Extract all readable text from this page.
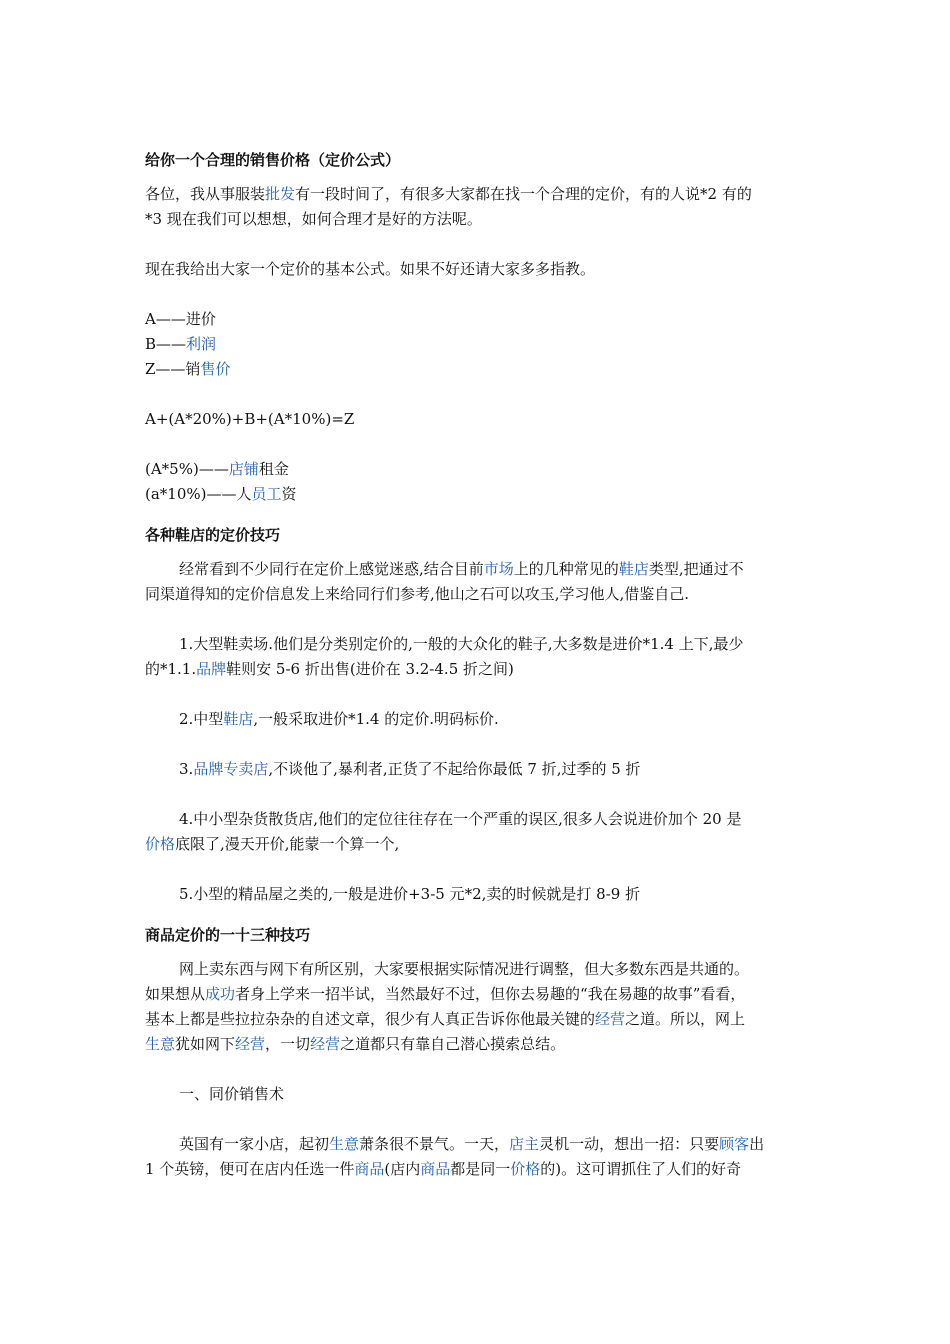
给你一个合理的销售价格（定价公式）
各位，我从事服装批发有一段时间了，有很多大家都在找一个合理的定价，有的人说*2 有的
*3 现在我们可以想想，如何合理才是好的方法呢。
现在我给出大家一个定价的基本公式。如果不好还请大家多多指教。
A——进价
B——利润
Z——销售价
A+(A*20%)+B+(A*10%)=Z
(A*5%)——店铺租金
(a*10%)——人员工资
各种鞋店的定价技巧
经常看到不少同行在定价上感觉迷惑,结合目前市场上的几种常见的鞋店类型,把通过不
同渠道得知的定价信息发上来给同行们参考,他山之石可以攻玉,学习他人,借鉴自己.
1.大型鞋卖场.他们是分类别定价的,一般的大众化的鞋子,大多数是进价*1.4 上下,最少
的*1.1.品牌鞋则安 5-6 折出售(进价在 3.2-4.5 折之间)
2.中型鞋店,一般采取进价*1.4 的定价.明码标价.
3.品牌专卖店,不谈他了,暴利者,正货了不起给你最低 7 折,过季的 5 折
4.中小型杂货散货店,他们的定位往往存在一个严重的误区,很多人会说进价加个 20 是
价格底限了,漫天开价,能蒙一个算一个,
5.小型的精品屋之类的,一般是进价+3-5 元*2,卖的时候就是打 8-9 折
商品定价的一十三种技巧
网上卖东西与网下有所区别，大家要根据实际情况进行调整，但大多数东西是共通的。
如果想从成功者身上学来一招半试，当然最好不过，但你去易趣的“我在易趣的故事”看看，
基本上都是些拉拉杂杂的自述文章，很少有人真正告诉你他最关键的经营之道。所以，网上
生意犹如网下经营，一切经营之道都只有靠自己潜心摸索总结。
一、同价销售术
英国有一家小店，起初生意萧条很不景气。一天，店主灵机一动，想出一招：只要顾客出
1 个英镑，便可在店内任选一件商品(店内商品都是同一价格的)。这可谓抓住了人们的好奇
